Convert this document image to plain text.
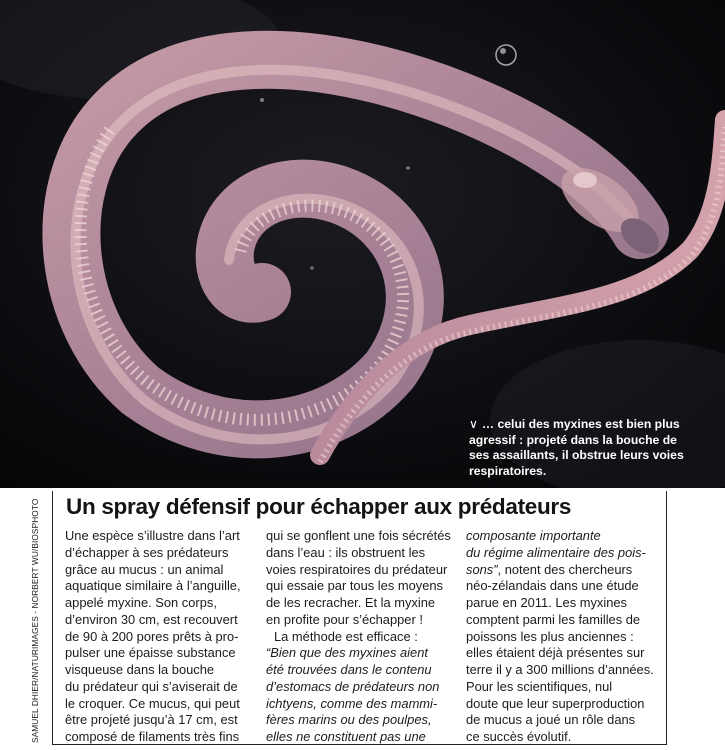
∨ … celui des myxines est bien plus
agressif : projeté dans la bouche de
ses assaillants, il obstrue leurs voies
respiratoires.
SAMUEL DHIER/NATURIMAGES - NORBERT WU/BIOSPHOTO Un spray défensif pour échapper aux prédateurs
Une espèce s’illustre dans l’art
d’échapper à ses prédateurs
grâce au mucus : un animal
aquatique similaire à l’anguille,
appelé myxine. Son corps,
d’environ 30 cm, est recouvert
de 90 à 200 pores prêts à pro-
pulser une épaisse substance
visqueuse dans la bouche
du prédateur qui s’aviserait de
le croquer. Ce mucus, qui peut
être projeté jusqu’à 17 cm, est
composé de filaments très fins
qui se gonflent une fois sécrétés
dans l’eau : ils obstruent les
voies respiratoires du prédateur
qui essaie par tous les moyens
de les recracher. Et la myxine
en profite pour s’échapper !
La méthode est efficace :
“Bien que des myxines aient
été trouvées dans le contenu
d’estomacs de prédateurs non
ichtyens, comme des mammi-
fères marins ou des poulpes,
elles ne constituent pas une
composante importante
du régime alimentaire des pois-
sons”, notent des chercheurs
néo-zélandais dans une étude
parue en 2011. Les myxines
comptent parmi les familles de
poissons les plus anciennes :
elles étaient déjà présentes sur
terre il y a 300 millions d’années.
Pour les scientifiques, nul
doute que leur superproduction
de mucus a joué un rôle dans
ce succès évolutif.
